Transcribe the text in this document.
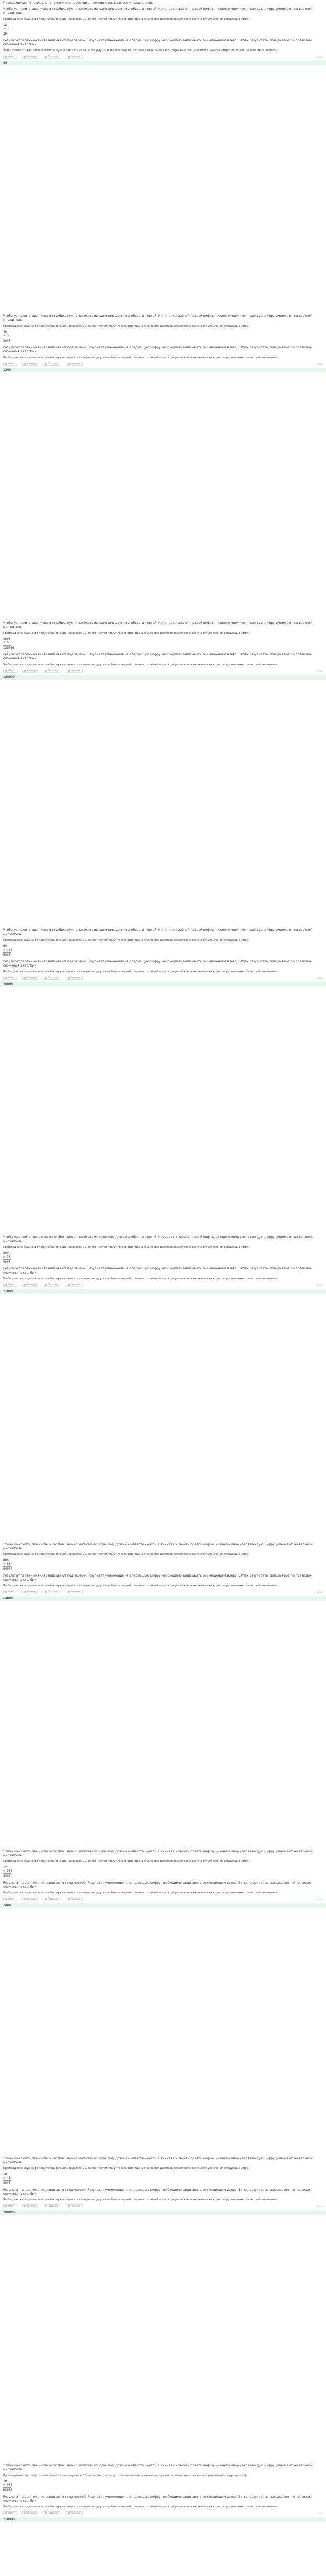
Произведение - это результат умножения двух чисел, которые называются множителями.
Чтобы умножить два числа в столбик, нужно записать их одно под другим и обвести чертой. Начиная с крайней правой цифры нижнего множителя каждую цифру умножают на верхний множитель.
Произведение двух цифр получилось больше или равное 10, то под чертой пишут только единицы, а количество десятков добавляют к результату умножения следующих цифр.
12
× 3
36
Результат перемножения записывают под чертой. Результат умножения на следующую цифру необходимо записывать со смещением влево. Затем результаты складывают по правилам сложения в столбик.
Чтобы умножить два числа в столбик, нужно записать их одно под другим и обвести чертой. Начиная с крайней правой цифры нижнего множителя каждую цифру умножают на верхний множитель.
Ответ	Пример	Проверка	Решение	2 min
36
Чтобы умножить два числа в столбик, нужно записать их одно под другим и обвести чертой. Начиная с крайней правой цифры нижнего множителя каждую цифру умножают на верхний множитель.
Произведение двух цифр получилось больше или равное 10, то под чертой пишут только единицы, а количество десятков добавляют к результату умножения следующих цифр.
40
× 50
2000
Результат перемножения записывают под чертой. Результат умножения на следующую цифру необходимо записывать со смещением влево. Затем результаты складывают по правилам сложения в столбик.
Чтобы умножить два числа в столбик, нужно записать их одно под другим и обвести чертой. Начиная с крайней правой цифры нижнего множителя каждую цифру умножают на верхний множитель.
Ответ	Пример	Проверка	Решение	2 min
1200
Чтобы умножить два числа в столбик, нужно записать их одно под другим и обвести чертой. Начиная с крайней правой цифры нижнего множителя каждую цифру умножают на верхний множитель.
Произведение двух цифр получилось больше или равное 10, то под чертой пишут только единицы, а количество десятков добавляют к результату умножения следующих цифр.
2000
× 60
120000
Результат перемножения записывают под чертой. Результат умножения на следующую цифру необходимо записывать со смещением влево. Затем результаты складывают по правилам сложения в столбик.
Чтобы умножить два числа в столбик, нужно записать их одно под другим и обвести чертой. Начиная с крайней правой цифры нижнего множителя каждую цифру умножают на верхний множитель.
Ответ	Пример	Проверка	Решение	2 min
120000
Чтобы умножить два числа в столбик, нужно записать их одно под другим и обвести чертой. Начиная с крайней правой цифры нижнего множителя каждую цифру умножают на верхний множитель.
Произведение двух цифр получилось больше или равное 10, то под чертой пишут только единицы, а количество десятков добавляют к результату умножения следующих цифр.
60
× 100
6000
Результат перемножения записывают под чертой. Результат умножения на следующую цифру необходимо записывать со смещением влево. Затем результаты складывают по правилам сложения в столбик.
Чтобы умножить два числа в столбик, нужно записать их одно под другим и обвести чертой. Начиная с крайней правой цифры нижнего множителя каждую цифру умножают на верхний множитель.
Ответ	Пример	Проверка	Решение	2 min
20000
Чтобы умножить два числа в столбик, нужно записать их одно под другим и обвести чертой. Начиная с крайней правой цифры нижнего множителя каждую цифру умножают на верхний множитель.
Произведение двух цифр получилось больше или равное 10, то под чертой пишут только единицы, а количество десятков добавляют к результату умножения следующих цифр.
300
× 30
9000
Результат перемножения записывают под чертой. Результат умножения на следующую цифру необходимо записывать со смещением влево. Затем результаты складывают по правилам сложения в столбик.
Чтобы умножить два числа в столбик, нужно записать их одно под другим и обвести чертой. Начиная с крайней правой цифры нижнего множителя каждую цифру умножают на верхний множитель.
Ответ	Пример	Проверка	Решение	2 min
21000
Чтобы умножить два числа в столбик, нужно записать их одно под другим и обвести чертой. Начиная с крайней правой цифры нижнего множителя каждую цифру умножают на верхний множитель.
Произведение двух цифр получилось больше или равное 10, то под чертой пишут только единицы, а количество десятков добавляют к результату умножения следующих цифр.
800
× 80
64000
Результат перемножения записывают под чертой. Результат умножения на следующую цифру необходимо записывать со смещением влево. Затем результаты складывают по правилам сложения в столбик.
Чтобы умножить два числа в столбик, нужно записать их одно под другим и обвести чертой. Начиная с крайней правой цифры нижнего множителя каждую цифру умножают на верхний множитель.
Ответ	Пример	Проверка	Решение	2 min
64000
Чтобы умножить два числа в столбик, нужно записать их одно под другим и обвести чертой. Начиная с крайней правой цифры нижнего множителя каждую цифру умножают на верхний множитель.
Произведение двух цифр получилось больше или равное 10, то под чертой пишут только единицы, а количество десятков добавляют к результату умножения следующих цифр.
12
× 200
2400
Результат перемножения записывают под чертой. Результат умножения на следующую цифру необходимо записывать со смещением влево. Затем результаты складывают по правилам сложения в столбик.
Чтобы умножить два числа в столбик, нужно записать их одно под другим и обвести чертой. Начиная с крайней правой цифры нижнего множителя каждую цифру умножают на верхний множитель.
Ответ	Пример	Проверка	Решение	2 min
2400
Чтобы умножить два числа в столбик, нужно записать их одно под другим и обвести чертой. Начиная с крайней правой цифры нижнего множителя каждую цифру умножают на верхний множитель.
Произведение двух цифр получилось больше или равное 10, то под чертой пишут только единицы, а количество десятков добавляют к результату умножения следующих цифр.
50
× 40
2000
Результат перемножения записывают под чертой. Результат умножения на следующую цифру необходимо записывать со смещением влево. Затем результаты складывают по правилам сложения в столбик.
Чтобы умножить два числа в столбик, нужно записать их одно под другим и обвести чертой. Начиная с крайней правой цифры нижнего множителя каждую цифру умножают на верхний множитель.
Ответ	Пример	Проверка	Решение	2 min
200000
Чтобы умножить два числа в столбик, нужно записать их одно под другим и обвести чертой. Начиная с крайней правой цифры нижнего множителя каждую цифру умножают на верхний множитель.
Произведение двух цифр получилось больше или равное 10, то под чертой пишут только единицы, а количество десятков добавляют к результату умножения следующих цифр.
70
× 900
63000
Результат перемножения записывают под чертой. Результат умножения на следующую цифру необходимо записывать со смещением влево. Затем результаты складывают по правилам сложения в столбик.
Чтобы умножить два числа в столбик, нужно записать их одно под другим и обвести чертой. Начиная с крайней правой цифры нижнего множителя каждую цифру умножают на верхний множитель.
Ответ	Пример	Проверка	Решение	2 min
210000
